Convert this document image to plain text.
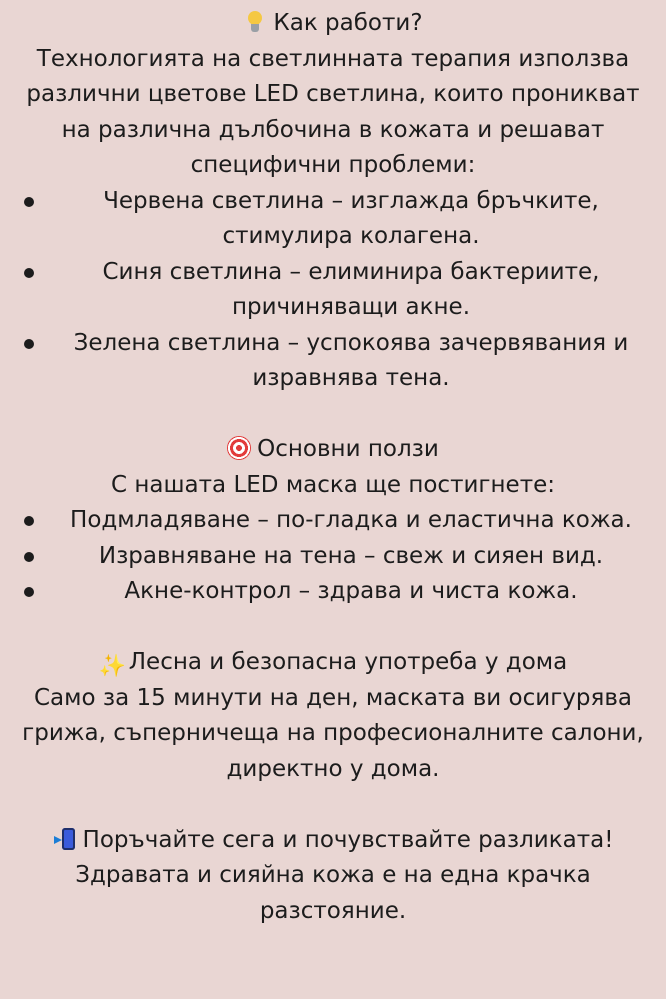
Как работи?

Технологията на светлинната терапия използва

различни цветове LED светлина, които проникват

на различна дълбочина в кожата и решават

специфични проблеми:

Червена светлина – изглажда бръчките,
стимулира колагена.
Синя светлина – елиминира бактериите,
причиняващи акне.
Зелена светлина – успокоява зачервявания и
изравнява тена.

Основни ползи

С нашата LED маска ще постигнете:

Подмладяване – по-гладка и еластична кожа.
Изравняване на тена – свеж и сияен вид.
Акне-контрол – здрава и чиста кожа.

✨ Лесна и безопасна употреба у дома

Само за 15 минути на ден, маската ви осигурява

грижа, съперничеща на професионалните салони,

директно у дома.

Поръчайте сега и почувствайте разликата!

Здравата и сияйна кожа е на една крачка

разстояние.
